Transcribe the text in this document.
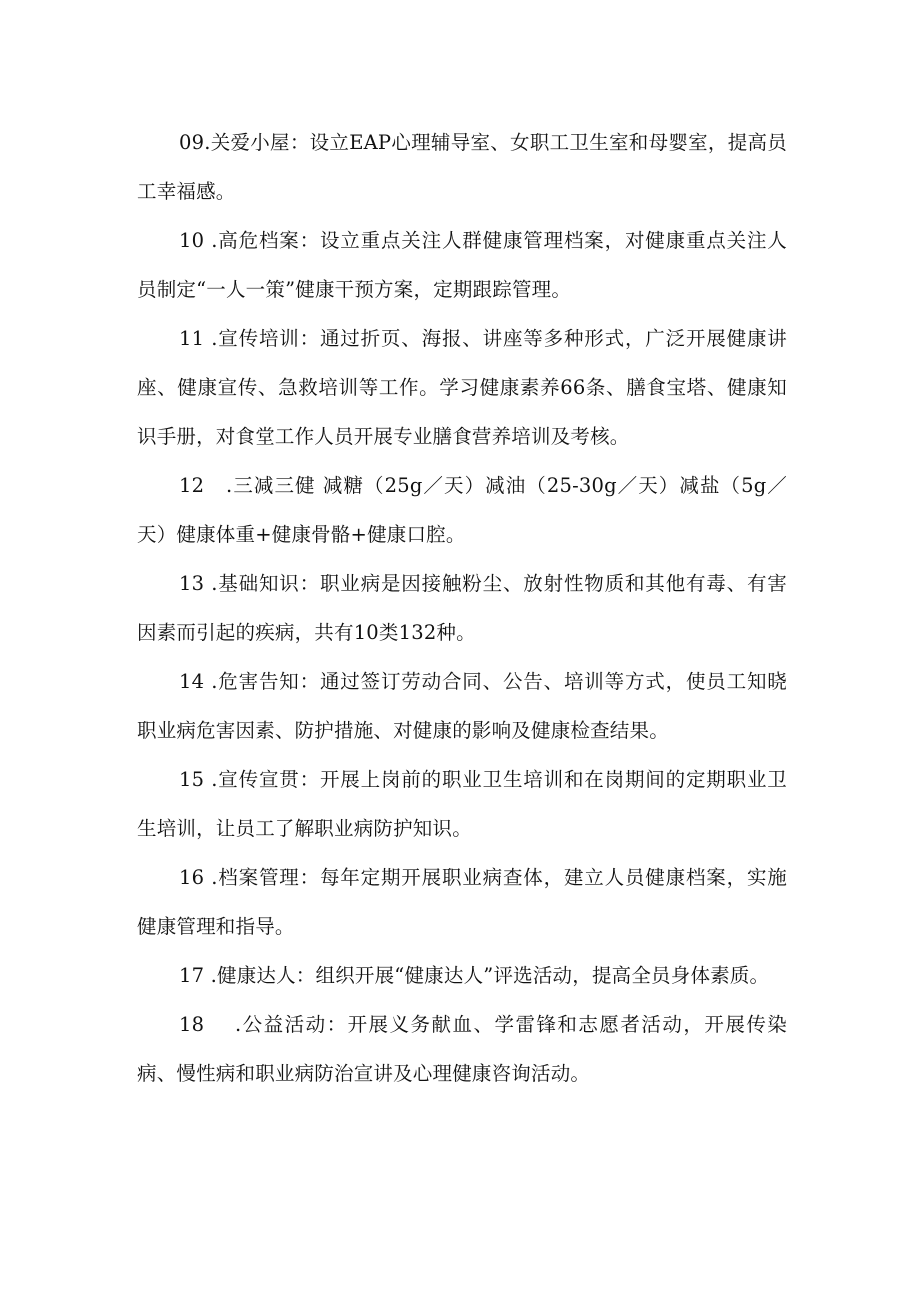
09.关爱小屋：设立EAP心理辅导室、女职工卫生室和母婴室，提高员工幸福感。

10 .高危档案：设立重点关注人群健康管理档案，对健康重点关注人员制定“一人一策”健康干预方案，定期跟踪管理。

11 .宣传培训：通过折页、海报、讲座等多种形式，广泛开展健康讲座、健康宣传、急救培训等工作。学习健康素养66条、膳食宝塔、健康知识手册，对食堂工作人员开展专业膳食营养培训及考核。

12   .三减三健 减糖（25g／天）减油（25-30g／天）减盐（5g／天）健康体重+健康骨骼+健康口腔。

13 .基础知识：职业病是因接触粉尘、放射性物质和其他有毒、有害因素而引起的疾病，共有10类132种。

14 .危害告知：通过签订劳动合同、公告、培训等方式，使员工知晓职业病危害因素、防护措施、对健康的影响及健康检查结果。

15 .宣传宣贯：开展上岗前的职业卫生培训和在岗期间的定期职业卫生培训，让员工了解职业病防护知识。

16 .档案管理：每年定期开展职业病查体，建立人员健康档案，实施健康管理和指导。

17 .健康达人：组织开展“健康达人”评选活动，提高全员身体素质。

18    .公益活动：开展义务献血、学雷锋和志愿者活动，开展传染病、慢性病和职业病防治宣讲及心理健康咨询活动。
